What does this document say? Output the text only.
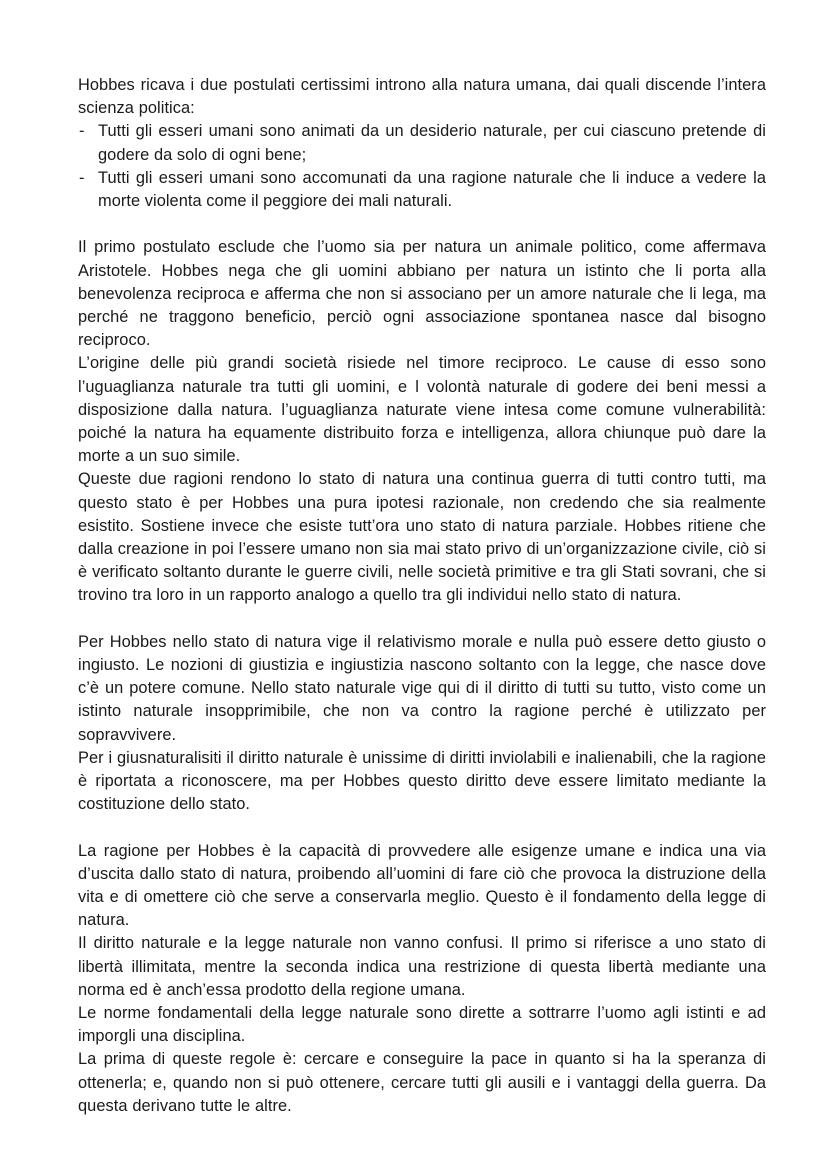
Hobbes ricava i due postulati certissimi introno alla natura umana, dai quali discende l’intera scienza politica:

- Tutti gli esseri umani sono animati da un desiderio naturale, per cui ciascuno pretende di godere da solo di ogni bene;
- Tutti gli esseri umani sono accomunati da una ragione naturale che li induce a vedere la morte violenta come il peggiore dei mali naturali.

Il primo postulato esclude che l’uomo sia per natura un animale politico, come affermava Aristotele. Hobbes nega che gli uomini abbiano per natura un istinto che li porta alla benevolenza reciproca e afferma che non si associano per un amore naturale che li lega, ma perché ne traggono beneficio, perciò ogni associazione spontanea nasce dal bisogno reciproco.

L’origine delle più grandi società risiede nel timore reciproco. Le cause di esso sono l’uguaglianza naturale tra tutti gli uomini, e l volontà naturale di godere dei beni messi a disposizione dalla natura. l’uguaglianza naturate viene intesa come comune vulnerabilità: poiché la natura ha equamente distribuito forza e intelligenza, allora chiunque può dare la morte a un suo simile.

Queste due ragioni rendono lo stato di natura una continua guerra di tutti contro tutti, ma questo stato è per Hobbes una pura ipotesi razionale, non credendo che sia realmente esistito. Sostiene invece che esiste tutt’ora uno stato di natura parziale. Hobbes ritiene che dalla creazione in poi l’essere umano non sia mai stato privo di un’organizzazione civile, ciò si è verificato soltanto durante le guerre civili, nelle società primitive e tra gli Stati sovrani, che si trovino tra loro in un rapporto analogo a quello tra gli individui nello stato di natura.

Per Hobbes nello stato di natura vige il relativismo morale e nulla può essere detto giusto o ingiusto. Le nozioni di giustizia e ingiustizia nascono soltanto con la legge, che nasce dove c’è un potere comune. Nello stato naturale vige qui di il diritto di tutti su tutto, visto come un istinto naturale insopprimibile, che non va contro la ragione perché è utilizzato per sopravvivere.

Per i giusnaturalisiti il diritto naturale è unissime di diritti inviolabili e inalienabili, che la ragione è riportata a riconoscere, ma per Hobbes questo diritto deve essere limitato mediante la costituzione dello stato.

La ragione per Hobbes è la capacità di provvedere alle esigenze umane e indica una via d’uscita dallo stato di natura, proibendo all’uomini di fare ciò che provoca la distruzione della vita e di omettere ciò che serve a conservarla meglio. Questo è il fondamento della legge di natura.

Il diritto naturale e la legge naturale non vanno confusi. Il primo si riferisce a uno stato di libertà illimitata, mentre la seconda indica una restrizione di questa libertà mediante una norma ed è anch’essa prodotto della regione umana.

Le norme fondamentali della legge naturale sono dirette a sottrarre l’uomo agli istinti e ad imporgli una disciplina.

La prima di queste regole è: cercare e conseguire la pace in quanto si ha la speranza di ottenerla; e, quando non si può ottenere, cercare tutti gli ausili e i vantaggi della guerra. Da questa derivano tutte le altre.
